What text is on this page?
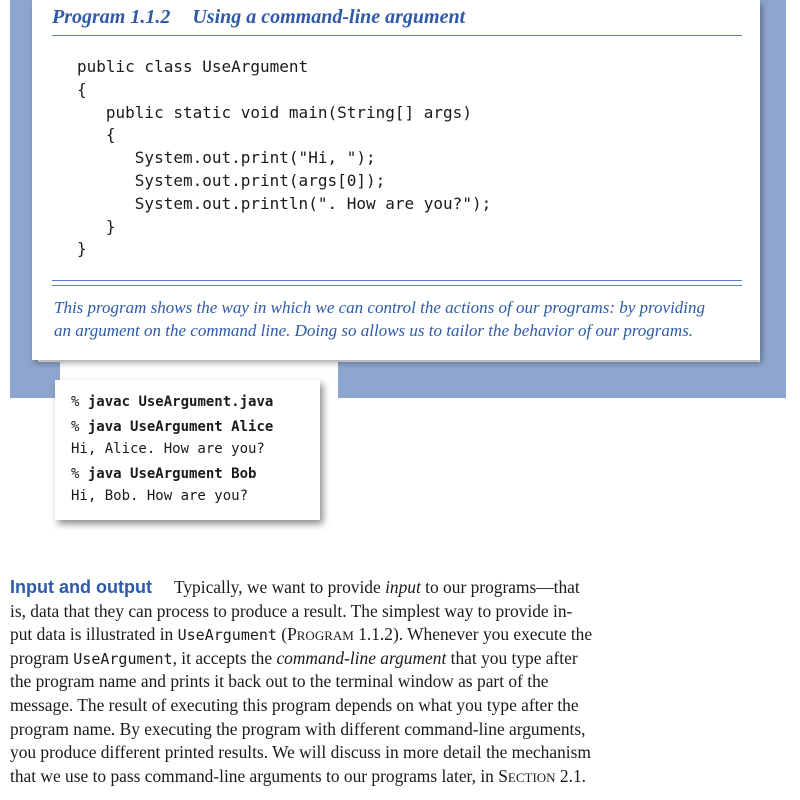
Program 1.1.2 Using a command-line argument
public class UseArgument
{
public static void main(String[] args)
{
System.out.print("Hi, ");
System.out.print(args[0]);
System.out.println(". How are you?");
}
}
This program shows the way in which we can control the actions of our programs: by providing
an argument on the command line. Doing so allows us to tailor the behavior of our programs.
% javac UseArgument.java
% java UseArgument Alice
Hi, Alice. How are you?
% java UseArgument Bob
Hi, Bob. How are you?
Input and output Typically, we want to provide input to our programs—that
is, data that they can process to produce a result. The simplest way to provide in-
put data is illustrated in UseArgument (PROGRAM 1.1.2). Whenever you execute the
program UseArgument, it accepts the command-line argument that you type after
the program name and prints it back out to the terminal window as part of the
message. The result of executing this program depends on what you type after the
program name. By executing the program with different command-line arguments,
you produce different printed results. We will discuss in more detail the mechanism
that we use to pass command-line arguments to our programs later, in SECTION 2.1.
